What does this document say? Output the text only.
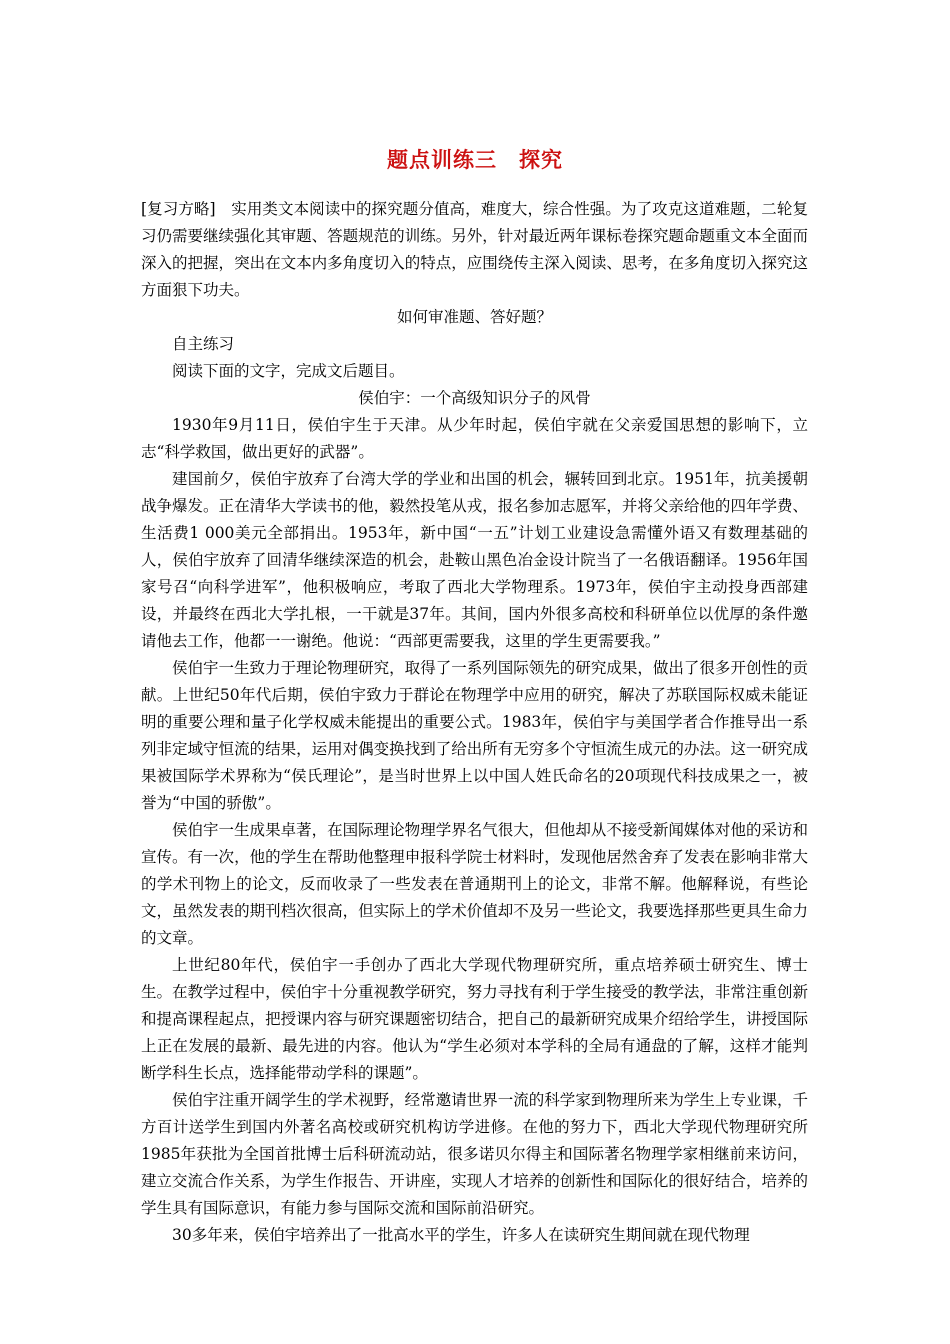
题点训练三　探究

[复习方略]　实用类文本阅读中的探究题分值高，难度大，综合性强。为了攻克这道难题，二轮复习仍需要继续强化其审题、答题规范的训练。另外，针对最近两年课标卷探究题命题重文本全面而深入的把握，突出在文本内多角度切入的特点，应围绕传主深入阅读、思考，在多角度切入探究这方面狠下功夫。

如何审准题、答好题？

自主练习

阅读下面的文字，完成文后题目。

侯伯宇：一个高级知识分子的风骨

1930年9月11日，侯伯宇生于天津。从少年时起，侯伯宇就在父亲爱国思想的影响下，立志“科学救国，做出更好的武器”。

建国前夕，侯伯宇放弃了台湾大学的学业和出国的机会，辗转回到北京。1951年，抗美援朝战争爆发。正在清华大学读书的他，毅然投笔从戎，报名参加志愿军，并将父亲给他的四年学费、生活费1 000美元全部捐出。1953年，新中国“一五”计划工业建设急需懂外语又有数理基础的人，侯伯宇放弃了回清华继续深造的机会，赴鞍山黑色冶金设计院当了一名俄语翻译。1956年国家号召“向科学进军”，他积极响应，考取了西北大学物理系。1973年，侯伯宇主动投身西部建设，并最终在西北大学扎根，一干就是37年。其间，国内外很多高校和科研单位以优厚的条件邀请他去工作，他都一一谢绝。他说：“西部更需要我，这里的学生更需要我。”

侯伯宇一生致力于理论物理研究，取得了一系列国际领先的研究成果，做出了很多开创性的贡献。上世纪50年代后期，侯伯宇致力于群论在物理学中应用的研究，解决了苏联国际权威未能证明的重要公理和量子化学权威未能提出的重要公式。1983年，侯伯宇与美国学者合作推导出一系列非定域守恒流的结果，运用对偶变换找到了给出所有无穷多个守恒流生成元的办法。这一研究成果被国际学术界称为“侯氏理论”，是当时世界上以中国人姓氏命名的20项现代科技成果之一，被誉为“中国的骄傲”。

侯伯宇一生成果卓著，在国际理论物理学界名气很大，但他却从不接受新闻媒体对他的采访和宣传。有一次，他的学生在帮助他整理申报科学院士材料时，发现他居然舍弃了发表在影响非常大的学术刊物上的论文，反而收录了一些发表在普通期刊上的论文，非常不解。他解释说，有些论文，虽然发表的期刊档次很高，但实际上的学术价值却不及另一些论文，我要选择那些更具生命力的文章。

上世纪80年代，侯伯宇一手创办了西北大学现代物理研究所，重点培养硕士研究生、博士生。在教学过程中，侯伯宇十分重视教学研究，努力寻找有利于学生接受的教学法，非常注重创新和提高课程起点，把授课内容与研究课题密切结合，把自己的最新研究成果介绍给学生，讲授国际上正在发展的最新、最先进的内容。他认为“学生必须对本学科的全局有通盘的了解，这样才能判断学科生长点，选择能带动学科的课题”。

侯伯宇注重开阔学生的学术视野，经常邀请世界一流的科学家到物理所来为学生上专业课，千方百计送学生到国内外著名高校或研究机构访学进修。在他的努力下，西北大学现代物理研究所1985年获批为全国首批博士后科研流动站，很多诺贝尔得主和国际著名物理学家相继前来访问，建立交流合作关系，为学生作报告、开讲座，实现人才培养的创新性和国际化的很好结合，培养的学生具有国际意识，有能力参与国际交流和国际前沿研究。

30多年来，侯伯宇培养出了一批高水平的学生，许多人在读研究生期间就在现代物理
